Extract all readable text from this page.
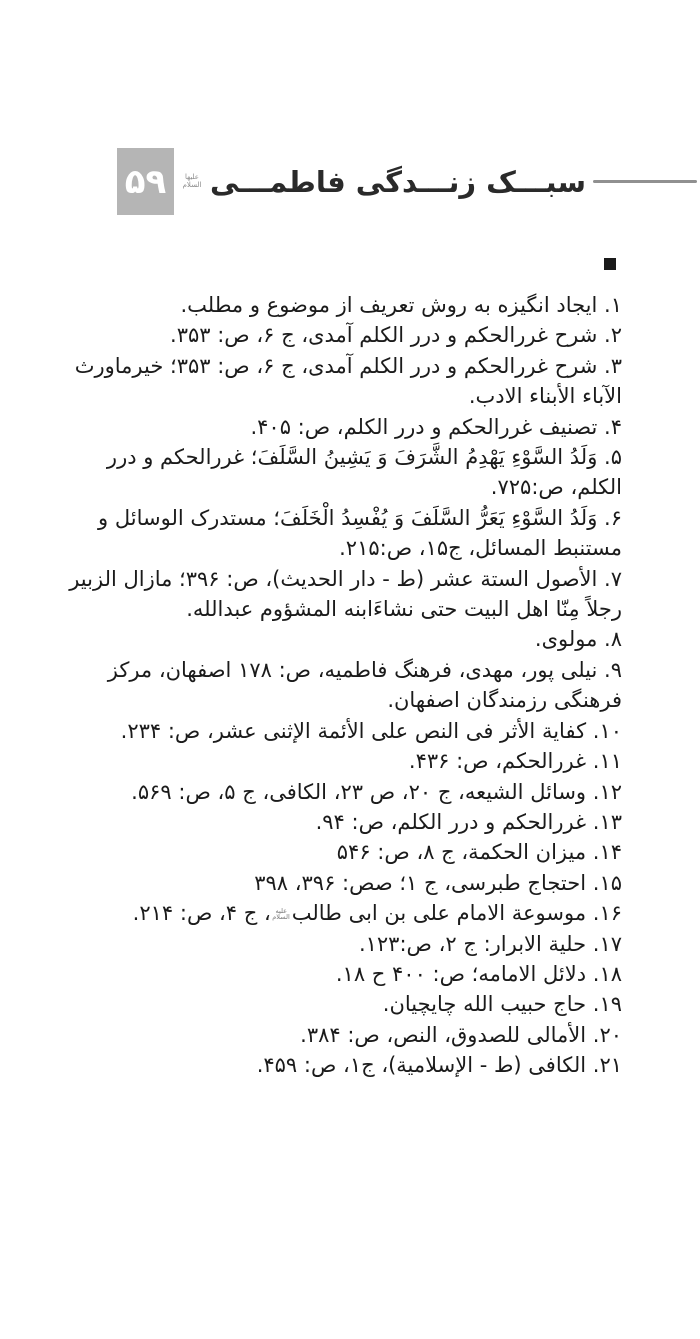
سبـــک زنـــدگی فاطمـــی
علیها السلام
۵۹
۱. ایجاد انگیزه به روش تعریف از موضوع و مطلب.
۲. شرح غررالحکم و درر الکلم آمدی، ج ۶، ص: ۳۵۳.
۳. شرح غررالحکم و درر الکلم آمدی، ج ۶، ص: ۳۵۳؛ خیرماورث الآباء الأبناء الادب.
۴. تصنیف غررالحکم و درر الکلم، ص: ۴۰۵.
۵. وَلَدُ السَّوْءِ يَهْدِمُ الشَّرَفَ وَ يَشِينُ السَّلَفَ؛ غررالحکم و درر الکلم، ص:۷۲۵.
۶. وَلَدُ السَّوْءِ يَعَرُّ السَّلَفَ وَ يُفْسِدُ الْخَلَفَ؛ مستدرک الوسائل و مستنبط المسائل، ج۱۵، ص:۲۱۵.
۷. الأصول الستة عشر (ط - دار الحدیث)، ص: ۳۹۶؛ مازال الزبیر رجلاً مِنّا اهل البیت حتی نشاءَابنه المشؤوم عبدالله.
۸. مولوی.
۹. نیلی پور، مهدی، فرهنگ فاطمیه، ص: ۱۷۸ اصفهان، مرکز فرهنگی رزمندگان اصفهان.
۱۰. کفایة الأثر فی النص علی الأئمة الإثنی عشر، ص: ۲۳۴.
۱۱. غررالحکم، ص: ۴۳۶.
۱۲. وسائل الشیعه، ج ۲۰، ص ۲۳، الکافی، ج ۵، ص: ۵۶۹.
۱۳. غررالحکم و درر الکلم، ص: ۹۴.
۱۴. میزان الحکمة، ج ۸، ص: ۵۴۶
۱۵. احتجاج طبرسی، ج ۱؛ صص: ۳۹۶، ۳۹۸
۱۶. موسوعة الامام علی بن ابی طالبعلیه السلام، ج ۴، ص: ۲۱۴.
۱۷. حلیة الابرار: ج ۲، ص:۱۲۳.
۱۸. دلائل الامامه؛ ص: ۴۰۰ ح ۱۸.
۱۹. حاج حبیب الله چایچیان.
۲۰. الأمالی للصدوق، النص، ص: ۳۸۴.
۲۱. الکافی (ط - الإسلامیة)، ج۱، ص: ۴۵۹.
